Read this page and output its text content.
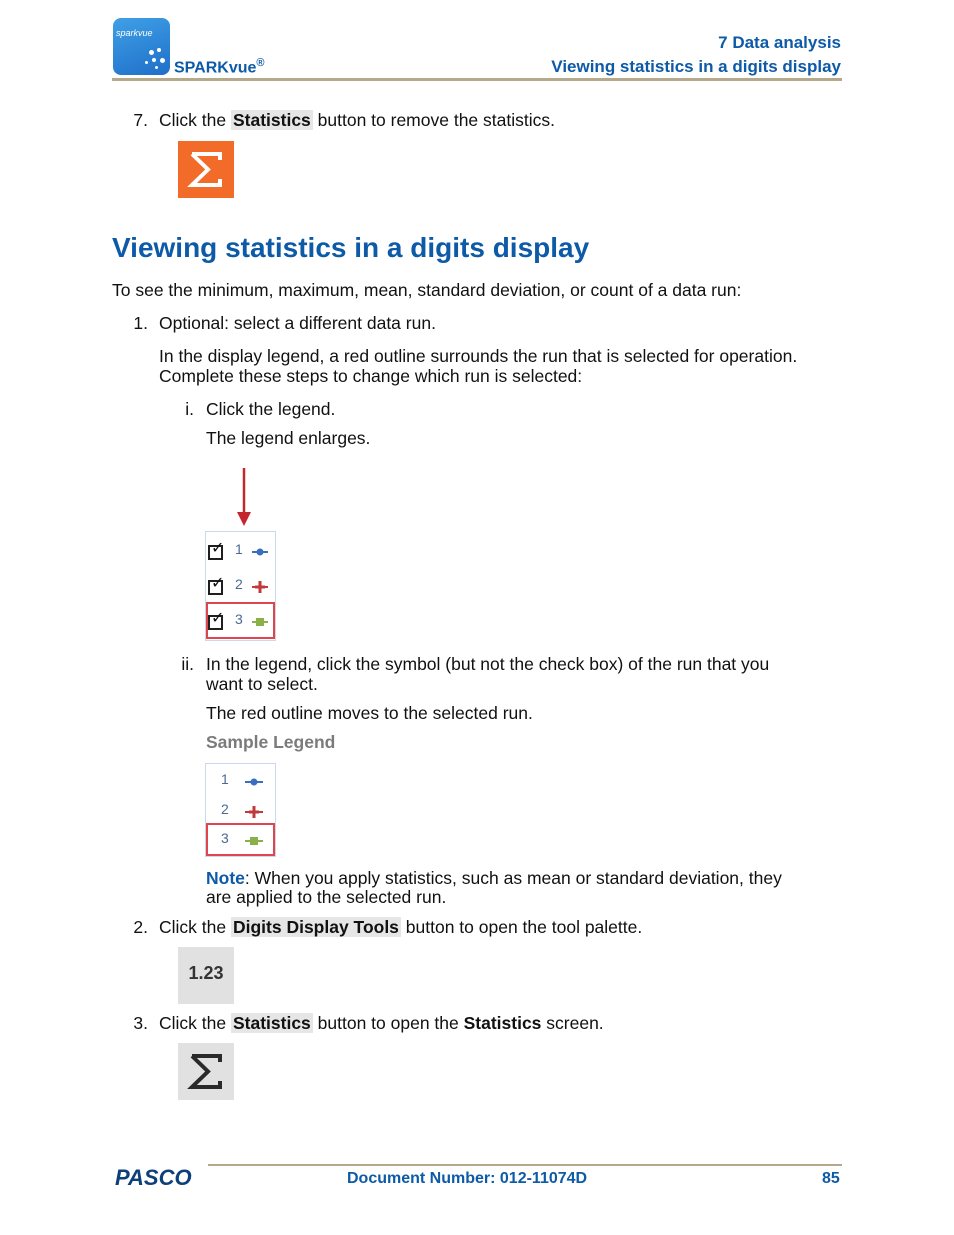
sparkvue
SPARKvue®
7 Data analysis
Viewing statistics in a digits display
7. Click the Statistics button to remove the statistics.
Viewing statistics in a digits display
To see the minimum, maximum, mean, standard deviation, or count of a data run:
1. Optional: select a different data run.
In the display legend, a red outline surrounds the run that is selected for operation.
Complete these steps to change which run is selected:
i. Click the legend.
The legend enlarges.
✓ 1
✓ 2
✓ 3
ii. In the legend, click the symbol (but not the check box) of the run that you
want to select.
The red outline moves to the selected run.
Sample Legend
1
2
3
Note: When you apply statistics, such as mean or standard deviation, they
are applied to the selected run.
2. Click the Digits Display Tools button to open the tool palette.
1.23
3. Click the Statistics button to open the Statistics screen.
PASCO	Document Number: 012-11074D	85
